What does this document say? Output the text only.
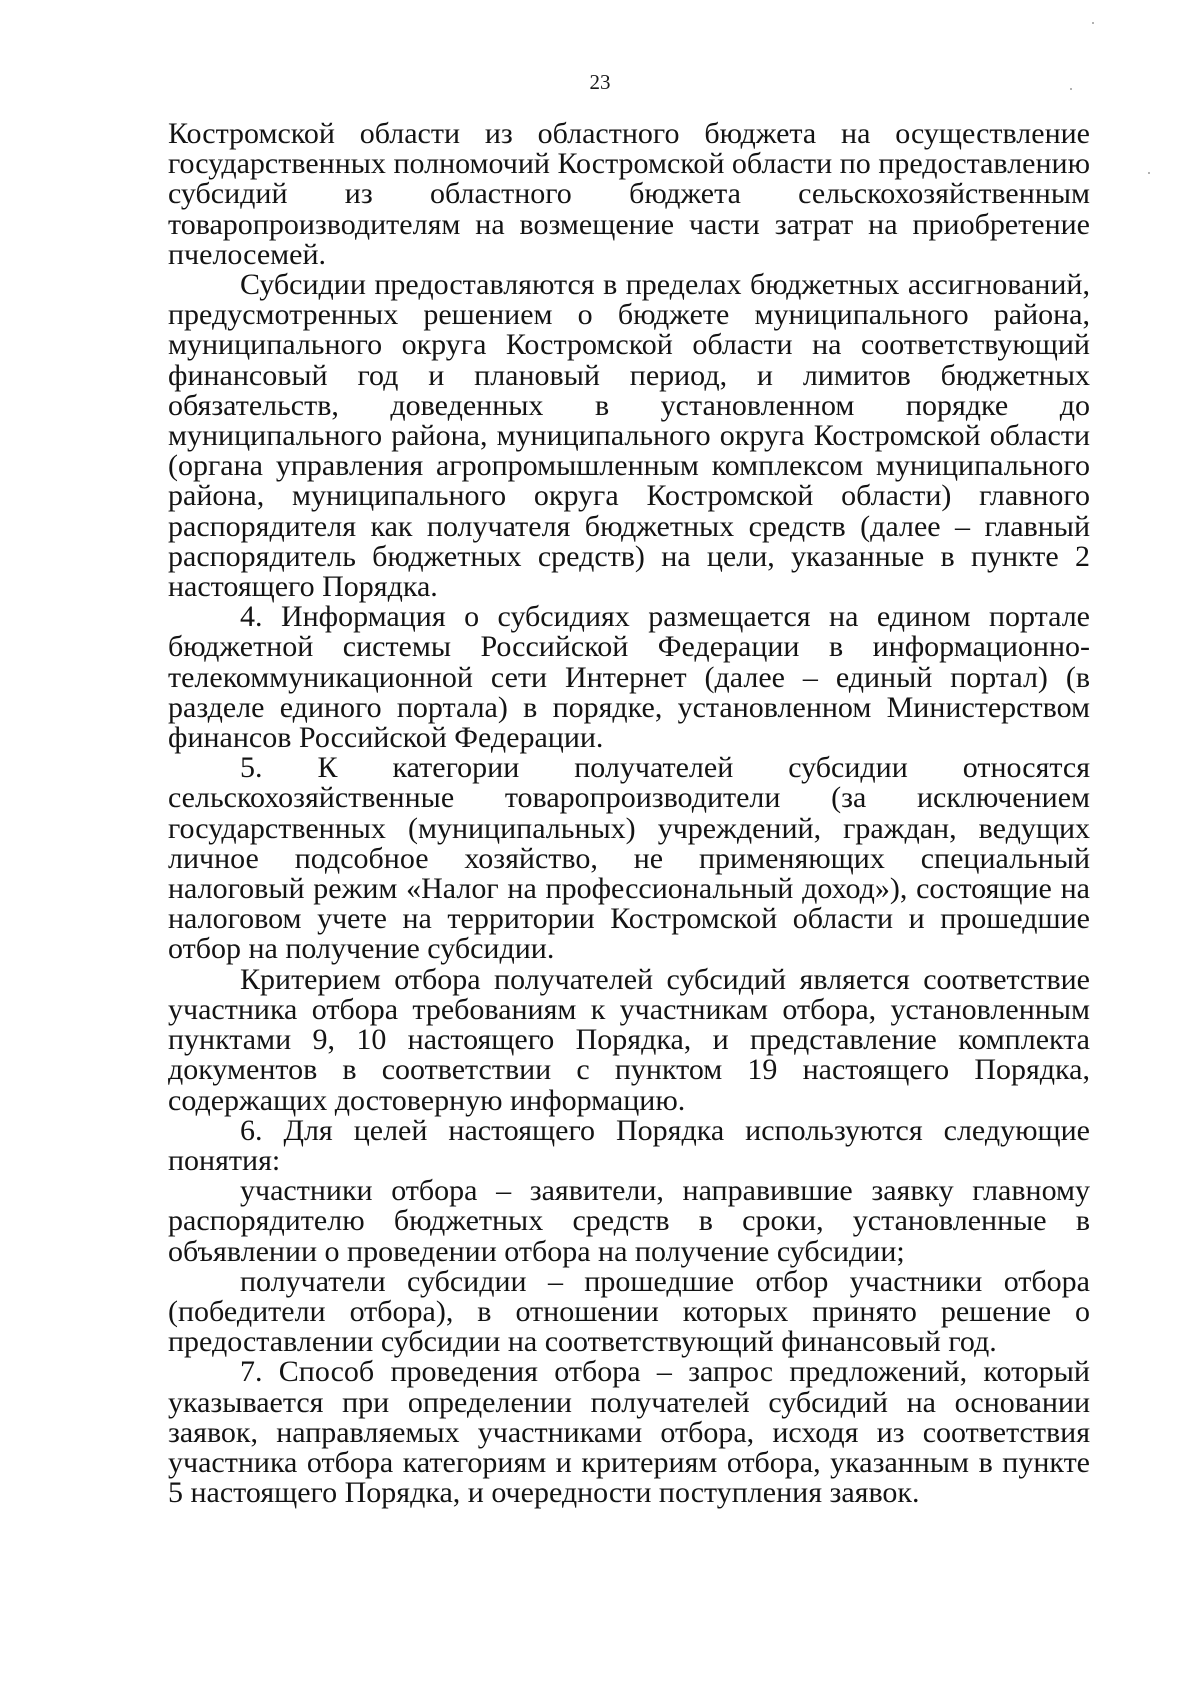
23

Костромской области из областного бюджета на осуществление государственных полномочий Костромской области по предоставлению субсидий из областного бюджета сельскохозяйственным товаропроизводителям на возмещение части затрат на приобретение пчелосемей.

Субсидии предоставляются в пределах бюджетных ассигнований, предусмотренных решением о бюджете муниципального района, муниципального округа Костромской области на соответствующий финансовый год и плановый период, и лимитов бюджетных обязательств, доведенных в установленном порядке до муниципального района, муниципального округа Костромской области (органа управления агропромышленным комплексом муниципального района, муниципального округа Костромской области) главного распорядителя как получателя бюджетных средств (далее – главный распорядитель бюджетных средств) на цели, указанные в пункте 2 настоящего Порядка.

4. Информация о субсидиях размещается на едином портале бюджетной системы Российской Федерации в информационно-телекоммуникационной сети Интернет (далее – единый портал) (в разделе единого портала) в порядке, установленном Министерством финансов Российской Федерации.

5. К категории получателей субсидии относятся сельскохозяйственные товаропроизводители (за исключением государственных (муниципальных) учреждений, граждан, ведущих личное подсобное хозяйство, не применяющих специальный налоговый режим «Налог на профессиональный доход»), состоящие на налоговом учете на территории Костромской области и прошедшие отбор на получение субсидии.

Критерием отбора получателей субсидий является соответствие участника отбора требованиям к участникам отбора, установленным пунктами 9, 10 настоящего Порядка, и представление комплекта документов в соответствии с пунктом 19 настоящего Порядка, содержащих достоверную информацию.

6. Для целей настоящего Порядка используются следующие понятия:

участники отбора – заявители, направившие заявку главному распорядителю бюджетных средств в сроки, установленные в объявлении о проведении отбора на получение субсидии;

получатели субсидии – прошедшие отбор участники отбора (победители отбора), в отношении которых принято решение о предоставлении субсидии на соответствующий финансовый год.

7. Способ проведения отбора – запрос предложений, который указывается при определении получателей субсидий на основании заявок, направляемых участниками отбора, исходя из соответствия участника отбора категориям и критериям отбора, указанным в пункте 5 настоящего Порядка, и очередности поступления заявок.
